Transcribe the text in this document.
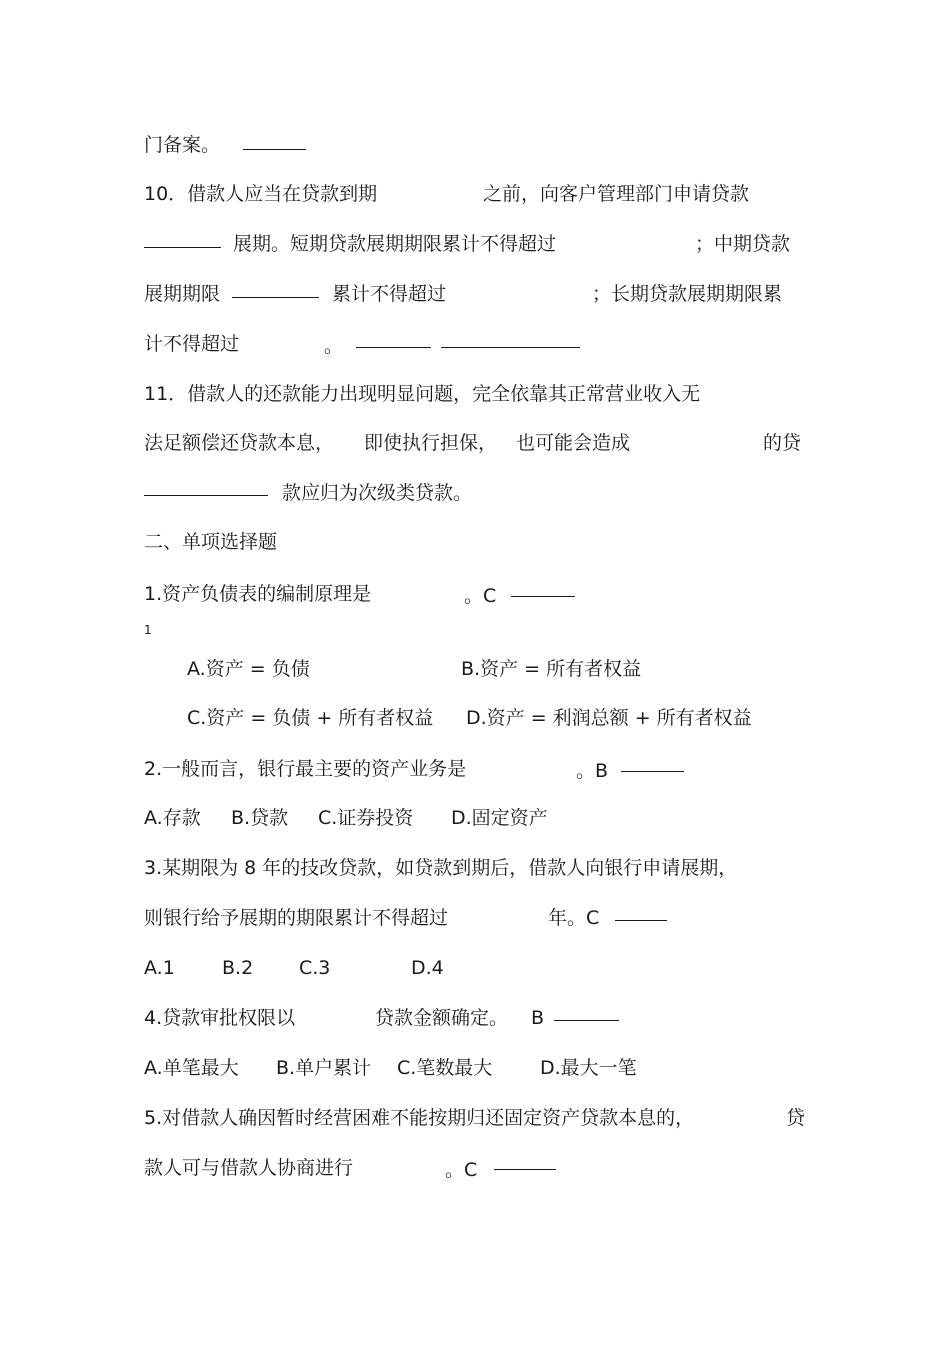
门备案。
10．借款人应当在贷款到期	之前，向客户管理部门申请贷款
展期。短期贷款展期期限累计不得超过	；中期贷款
展期期限	累计不得超过	；长期贷款展期期限累
计不得超过	。
11．借款人的还款能力出现明显问题，完全依靠其正常营业收入无
法足额偿还贷款本息， 即使执行担保， 也可能会造成	的贷
款应归为次级类贷款。
二、单项选择题
1.资产负债表的编制原理是	。C
1
A.资产 = 负债	B.资产 = 所有者权益
C.资产 = 负债 + 所有者权益 D.资产 = 利润总额 + 所有者权益
2.一般而言，银行最主要的资产业务是	。B
A.存款 B.贷款 C.证券投资 D.固定资产
3.某期限为 8 年的技改贷款，如贷款到期后，借款人向银行申请展期，
则银行给予展期的期限累计不得超过	年。C
A.1 B.2 C.3	D.4
4.贷款审批权限以	贷款金额确定。 B
A.单笔最大 B.单户累计 C.笔数最大	D.最大一笔
5.对借款人确因暂时经营困难不能按期归还固定资产贷款本息的，	贷
款人可与借款人协商进行	。C
